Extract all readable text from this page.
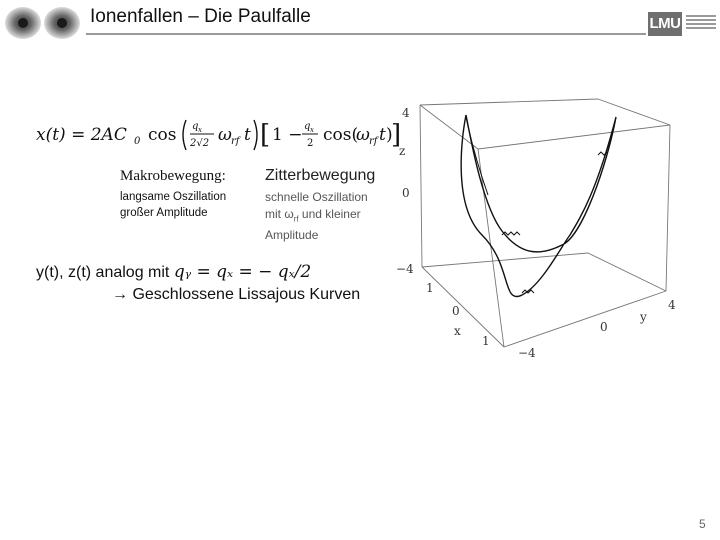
Ionenfallen – Die Paulfalle	LMU
x(t) = 2AC 0 cos q x
2√2 ω rf t [ 1 − q x
2 cos(
ω rf t )
]
Makrobewegung:
langsame Oszillation
großer Amplitude
Zitterbewegung
schnelle Oszillation
mit $\omega_{rf}$ und kleiner
Amplitude
y(t), z(t) analog mit qᵧ = qₓ = − qₓ/2
→ Geschlossene Lissajous Kurven
4
0
−4
z
1
0
1
x
4
0
−4
y
5
